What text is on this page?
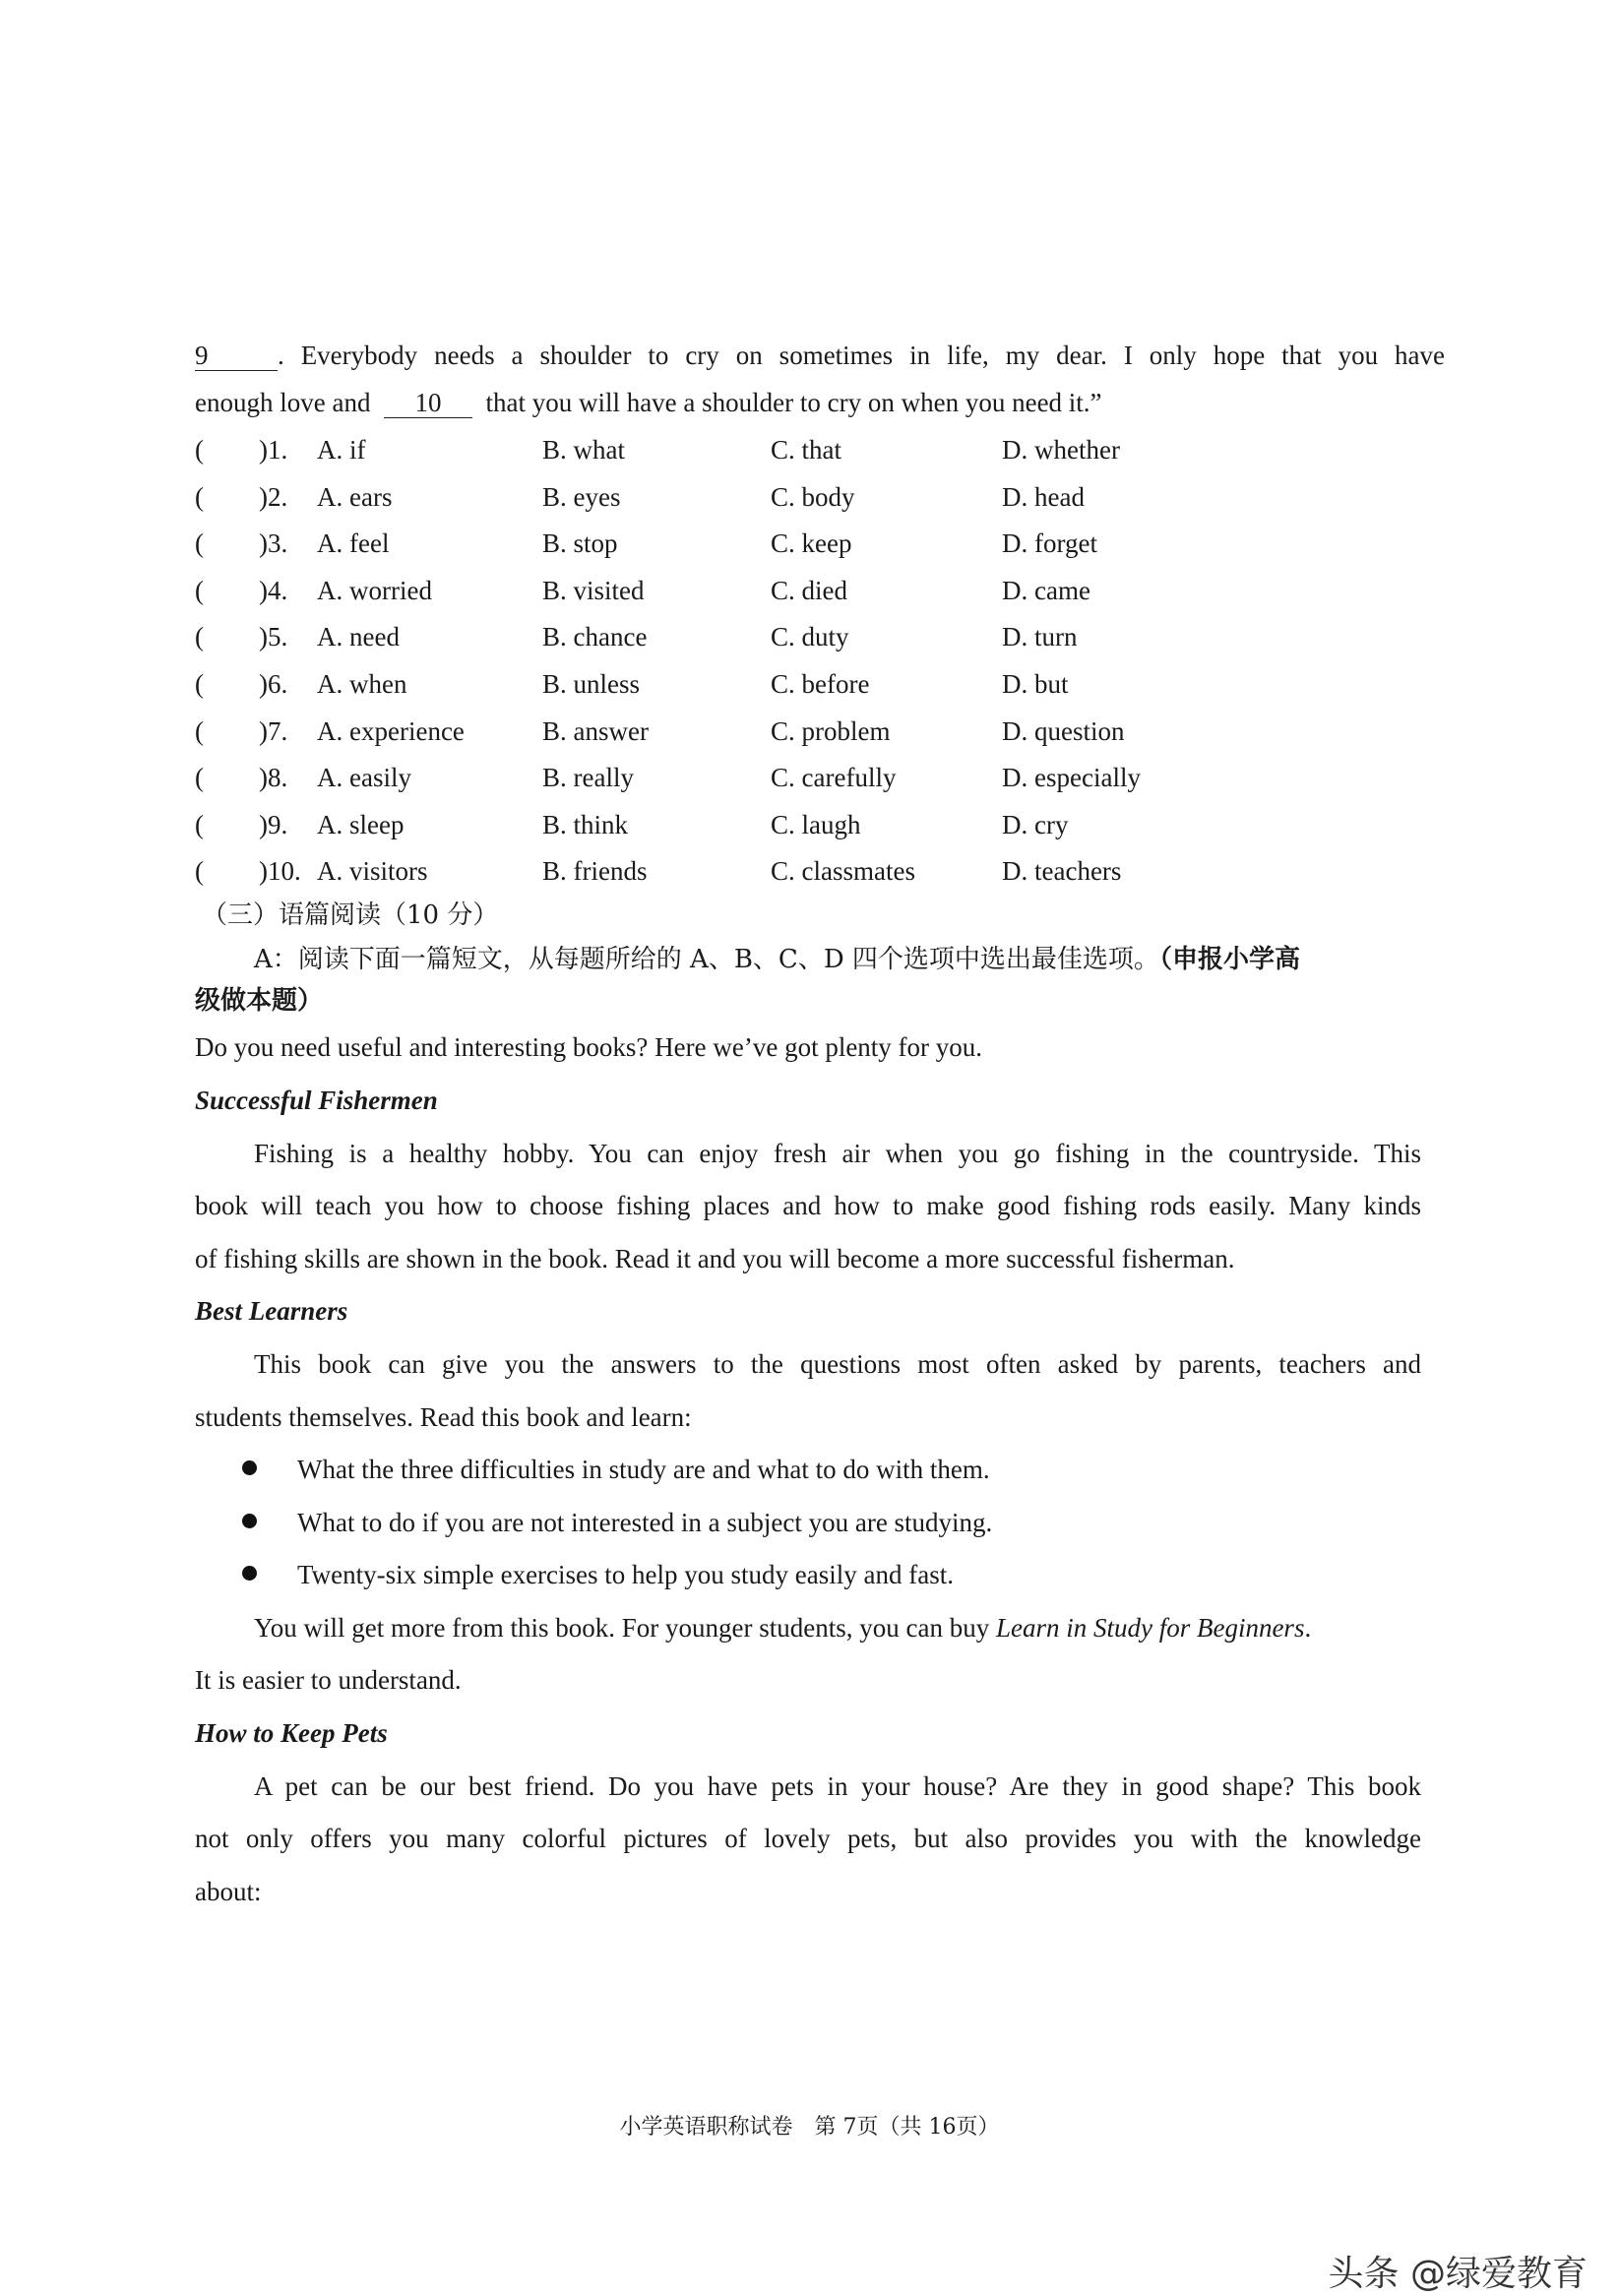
9	. Everybody needs a shoulder to cry on sometimes in life, my dear. I only hope that you have
enough love and 10 that you will have a shoulder to cry on when you need it.”
( )1. A. if	B. what	C. that	D. whether
( )2. A. ears	B. eyes	C. body	D. head
( )3. A. feel	B. stop	C. keep	D. forget
( )4. A. worried	B. visited	C. died	D. came
( )5. A. need	B. chance	C. duty	D. turn
( )6. A. when	B. unless	C. before	D. but
( )7. A. experience	B. answer	C. problem	D. question
( )8. A. easily	B. really	C. carefully	D. especially
( )9. A. sleep	B. think	C. laugh	D. cry
( )10. A. visitors	B. friends	C. classmates	D. teachers
（三）语篇阅读（10 分）
A：阅读下面一篇短文，从每题所给的 A、B、C、D 四个选项中选出最佳选项。（申报小学高
级做本题）
Do you need useful and interesting books? Here we’ve got plenty for you.
Successful Fishermen
Fishing is a healthy hobby. You can enjoy fresh air when you go fishing in the countryside. This
book will teach you how to choose fishing places and how to make good fishing rods easily. Many kinds
of fishing skills are shown in the book. Read it and you will become a more successful fisherman.
Best Learners
This book can give you the answers to the questions most often asked by parents, teachers and
students themselves. Read this book and learn:
What the three difficulties in study are and what to do with them.
What to do if you are not interested in a subject you are studying.
Twenty-six simple exercises to help you study easily and fast.
You will get more from this book. For younger students, you can buy Learn in Study for Beginners.
It is easier to understand.
How to Keep Pets
A pet can be our best friend. Do you have pets in your house? Are they in good shape? This book
not only offers you many colorful pictures of lovely pets, but also provides you with the knowledge
about:
小学英语职称试卷　第 7页（共 16页）
头条 @绿爱教育
